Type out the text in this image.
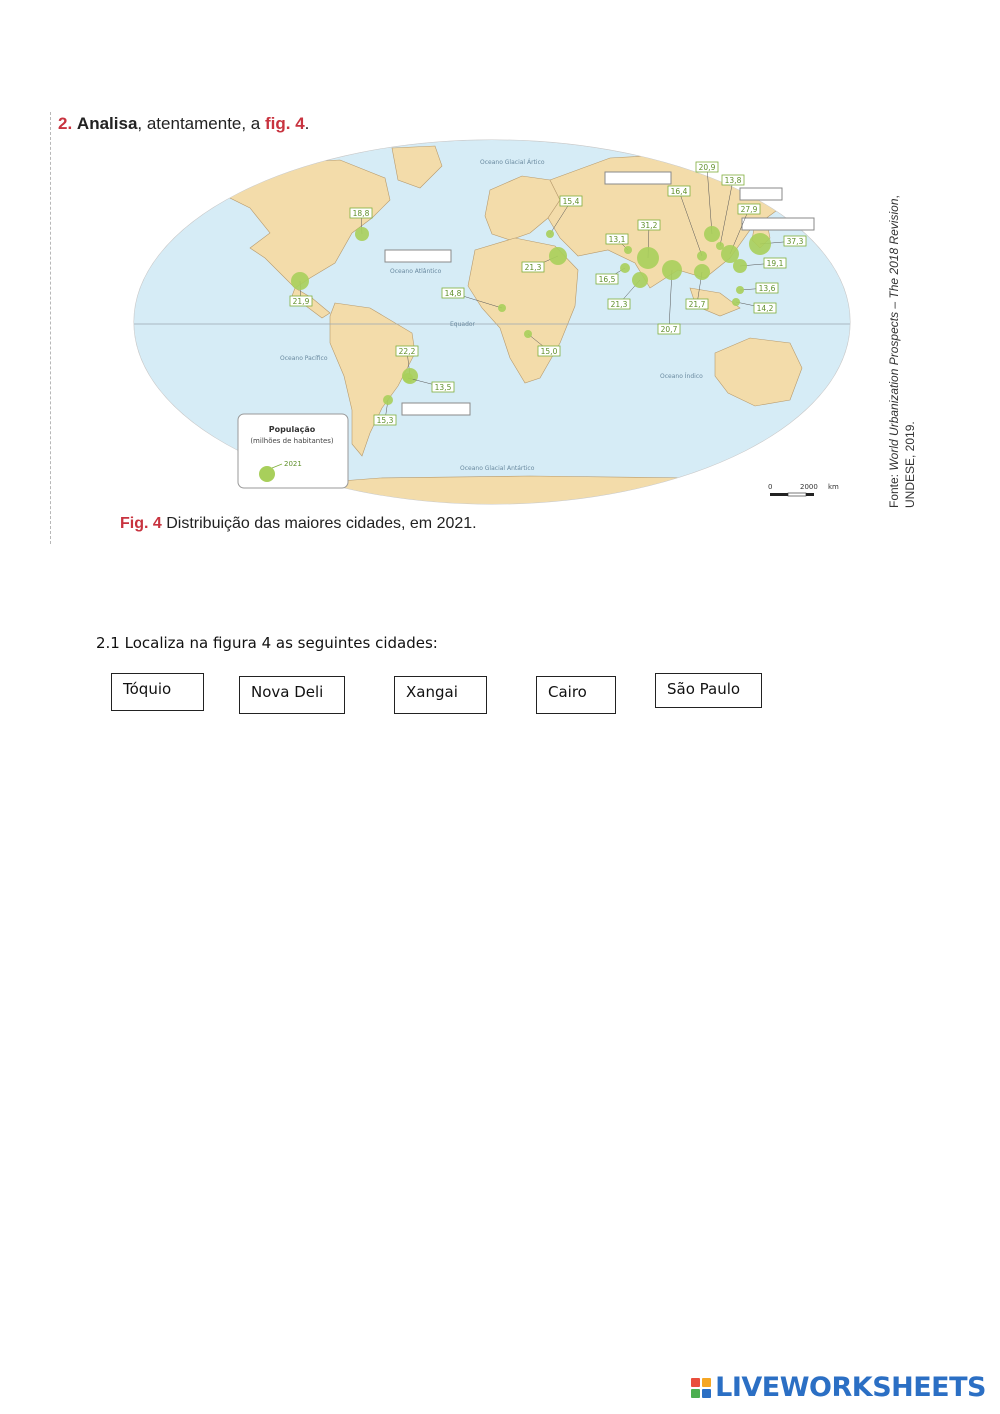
2. Analisa, atentamente, a fig. 4.
Oceano Glacial Ártico
Oceano Atlântico
Equador
Oceano Pacífico
Oceano Índico
Oceano Glacial Antártico
18,8
21,9
22,2
13,5
15,3
14,8
15,0
21,3
15,4
16,5
21,3
13,1
31,2
20,7
21,7
16,4
20,9
13,8
27,9
37,3
19,1
13,6
14,2
População
(milhões de habitantes)
2021
0	2000 km
Fig. 4 Distribuição das maiores cidades, em 2021.
Fonte: World Urbanization Prospects – The 2018 Revision,
UNDESE, 2019.
2.1 Localiza na figura 4 as seguintes cidades:
Tóquio	Nova Deli	Xangai	Cairo	São Paulo
LIVEWORKSHEETS
